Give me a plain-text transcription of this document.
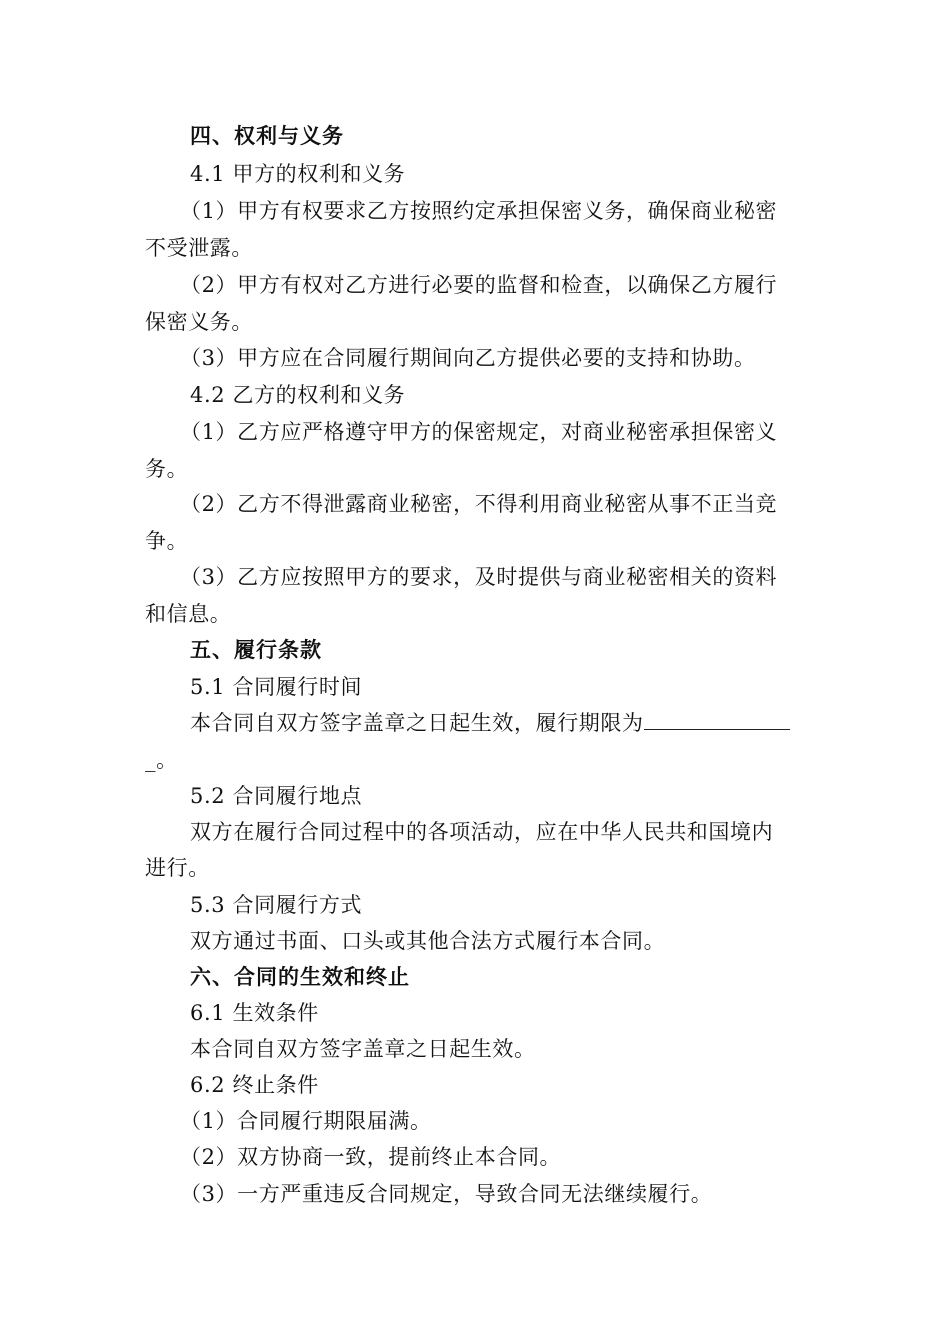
四、权利与义务
4.1 甲方的权利和义务
（1）甲方有权要求乙方按照约定承担保密义务，确保商业秘密
不受泄露。
（2）甲方有权对乙方进行必要的监督和检查，以确保乙方履行
保密义务。
（3）甲方应在合同履行期间向乙方提供必要的支持和协助。
4.2 乙方的权利和义务
（1）乙方应严格遵守甲方的保密规定，对商业秘密承担保密义
务。
（2）乙方不得泄露商业秘密，不得利用商业秘密从事不正当竞
争。
（3）乙方应按照甲方的要求，及时提供与商业秘密相关的资料
和信息。
五、履行条款
5.1 合同履行时间
本合同自双方签字盖章之日起生效，履行期限为
_。
5.2 合同履行地点
双方在履行合同过程中的各项活动，应在中华人民共和国境内
进行。
5.3 合同履行方式
双方通过书面、口头或其他合法方式履行本合同。
六、合同的生效和终止
6.1 生效条件
本合同自双方签字盖章之日起生效。
6.2 终止条件
（1）合同履行期限届满。
（2）双方协商一致，提前终止本合同。
（3）一方严重违反合同规定，导致合同无法继续履行。
